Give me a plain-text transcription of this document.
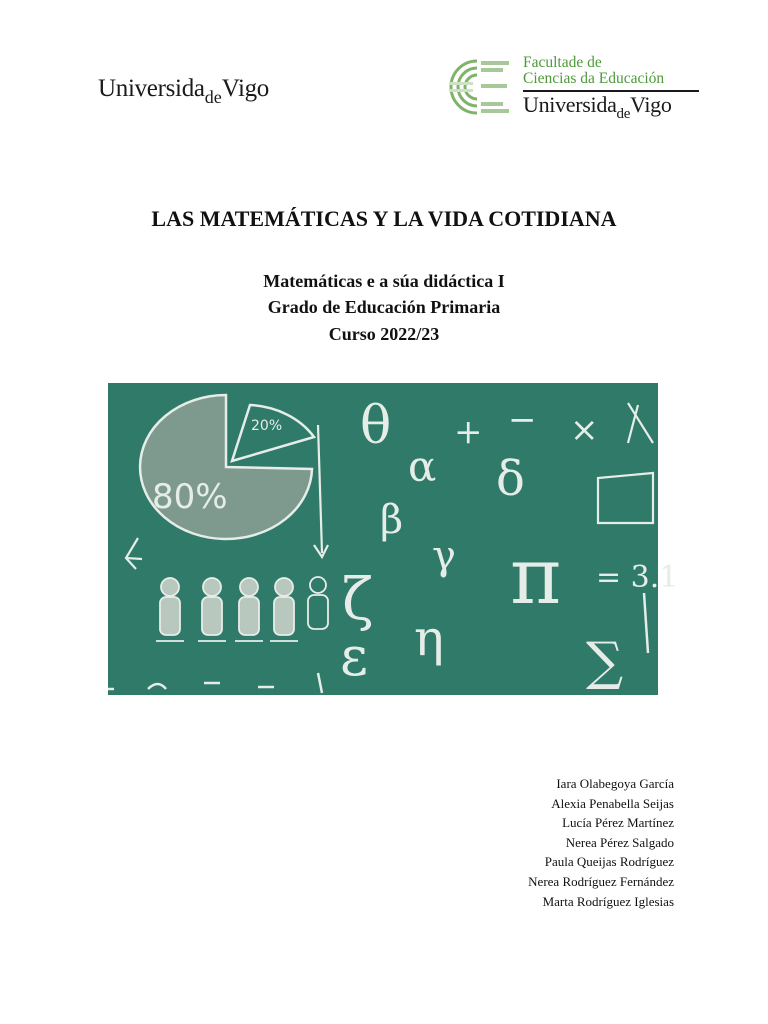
Universida$_{de}$Vigo
Facultade de
Ciencias da Educación
Universida$_{de}$Vigo
LAS MATEMÁTICAS Y LA VIDA COTIDIANA
Matemáticas e a súa didáctica I
Grado de Educación Primaria
Curso 2022/23
20%
80%
θ + − ×
α δ
β
γ π
ζ
η
ε	∑
= 3.1
Iara Olabegoya García
Alexia Penabella Seijas
Lucía Pérez Martínez
Nerea Pérez Salgado
Paula Queijas Rodríguez
Nerea Rodríguez Fernández
Marta Rodríguez Iglesias
